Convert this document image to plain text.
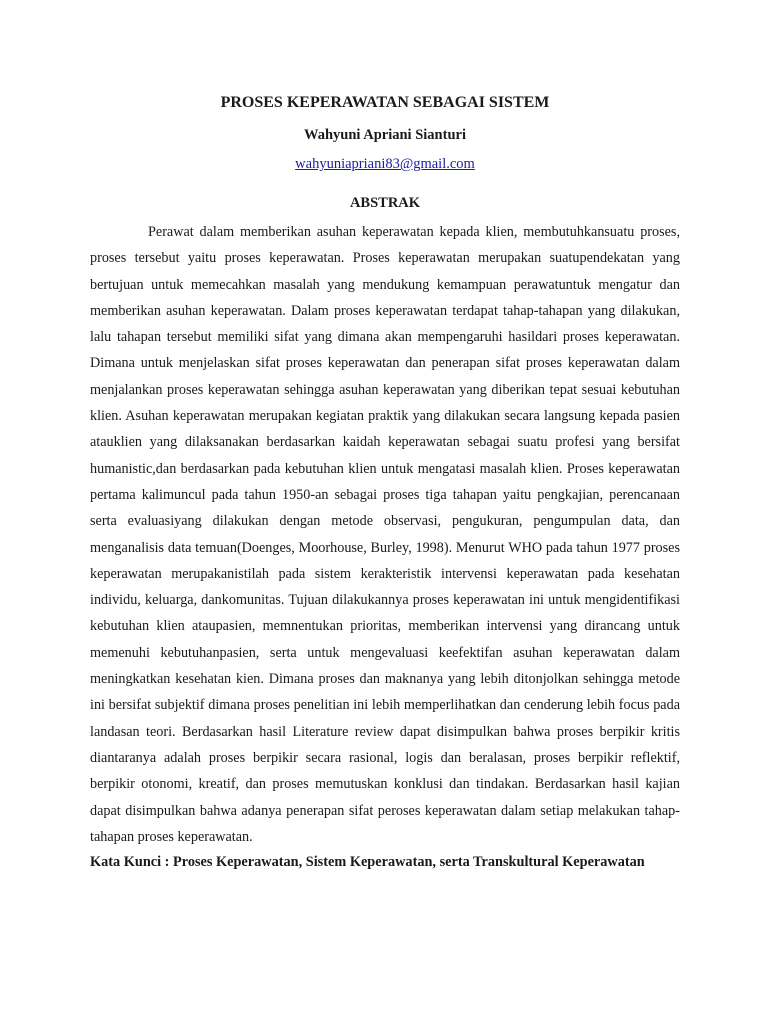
PROSES KEPERAWATAN SEBAGAI SISTEM
Wahyuni Apriani Sianturi
wahyuniapriani83@gmail.com
ABSTRAK

Perawat dalam memberikan asuhan keperawatan kepada klien, membutuhkansuatu proses, proses tersebut yaitu proses keperawatan. Proses keperawatan merupakan suatupendekatan yang bertujuan untuk memecahkan masalah yang mendukung kemampuan perawatuntuk mengatur dan memberikan asuhan keperawatan. Dalam proses keperawatan terdapat tahap-tahapan yang dilakukan, lalu tahapan tersebut memiliki sifat yang dimana akan mempengaruhi hasildari proses keperawatan. Dimana untuk menjelaskan sifat proses keperawatan dan penerapan sifat proses keperawatan dalam menjalankan proses keperawatan sehingga asuhan keperawatan yang diberikan tepat sesuai kebutuhan klien. Asuhan keperawatan merupakan kegiatan praktik yang dilakukan secara langsung kepada pasien atauklien yang dilaksanakan berdasarkan kaidah keperawatan sebagai suatu profesi yang bersifat humanistic,dan berdasarkan pada kebutuhan klien untuk mengatasi masalah klien. Proses keperawatan pertama kalimuncul pada tahun 1950-an sebagai proses tiga tahapan yaitu pengkajian, perencanaan serta evaluasiyang dilakukan dengan metode observasi, pengukuran, pengumpulan data, dan menganalisis data temuan(Doenges, Moorhouse, Burley, 1998). Menurut WHO pada tahun 1977 proses keperawatan merupakanistilah pada sistem kerakteristik intervensi keperawatan pada kesehatan individu, keluarga, dankomunitas. Tujuan dilakukannya proses keperawatan ini untuk mengidentifikasi kebutuhan klien ataupasien, memnentukan prioritas, memberikan intervensi yang dirancang untuk memenuhi kebutuhanpasien, serta untuk mengevaluasi keefektifan asuhan keperawatan dalam meningkatkan kesehatan kien. Dimana proses dan maknanya yang lebih ditonjolkan sehingga metode ini bersifat subjektif dimana proses penelitian ini lebih memperlihatkan dan cenderung lebih focus pada landasan teori. Berdasarkan hasil Literature review dapat disimpulkan bahwa proses berpikir kritis diantaranya adalah proses berpikir secara rasional, logis dan beralasan, proses berpikir reflektif, berpikir otonomi, kreatif, dan proses memutuskan konklusi dan tindakan. Berdasarkan hasil kajian dapat disimpulkan bahwa adanya penerapan sifat peroses keperawatan dalam setiap melakukan tahap-tahapan proses keperawatan.

Kata Kunci : Proses Keperawatan, Sistem Keperawatan, serta Transkultural Keperawatan
